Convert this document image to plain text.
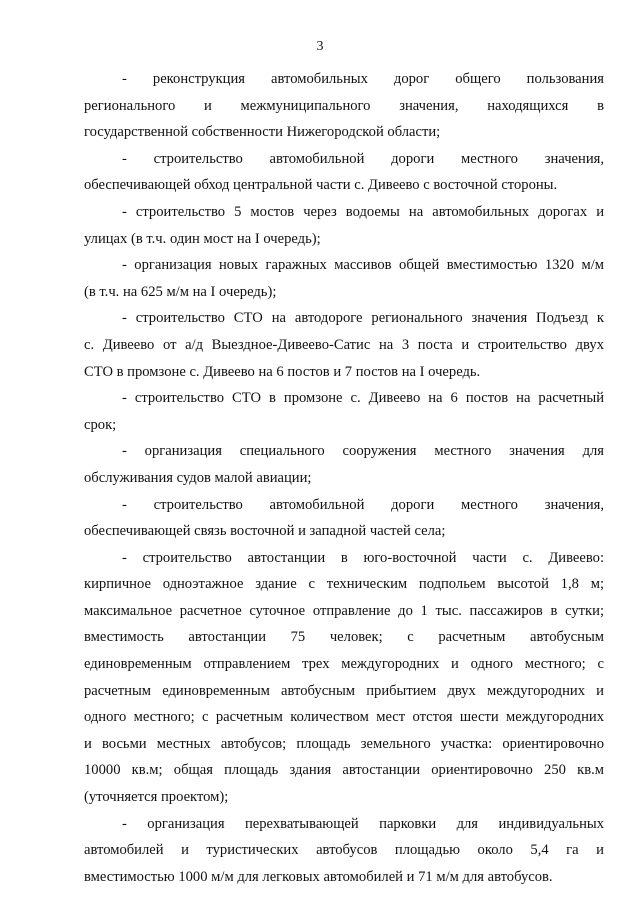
3
- реконструкция автомобильных дорог общего пользования
регионального и межмуниципального значения, находящихся в
государственной собственности Нижегородской области;
- строительство автомобильной дороги местного значения,
обеспечивающей обход центральной части с. Дивеево с восточной стороны.
- строительство 5 мостов через водоемы на автомобильных дорогах и
улицах (в т.ч. один мост на I очередь);
- организация новых гаражных массивов общей вместимостью 1320 м/м
(в т.ч. на 625 м/м на I очередь);
- строительство СТО на автодороге регионального значения Подъезд к
с. Дивеево от а/д Выездное-Дивеево-Сатис на 3 поста и строительство двух
СТО в промзоне с. Дивеево на 6 постов и 7 постов на I очередь.
- строительство СТО в промзоне с. Дивеево на 6 постов на расчетный
срок;
- организация специального сооружения местного значения для
обслуживания судов малой авиации;
- строительство автомобильной дороги местного значения,
обеспечивающей связь восточной и западной частей села;
- строительство автостанции в юго-восточной части с. Дивеево:
кирпичное одноэтажное здание с техническим подпольем высотой 1,8 м;
максимальное расчетное суточное отправление до 1 тыс. пассажиров в сутки;
вместимость автостанции 75 человек; с расчетным автобусным
единовременным отправлением трех междугородних и одного местного; с
расчетным единовременным автобусным прибытием двух междугородних и
одного местного; с расчетным количеством мест отстоя шести междугородних
и восьми местных автобусов; площадь земельного участка: ориентировочно
10000 кв.м; общая площадь здания автостанции ориентировочно 250 кв.м
(уточняется проектом);
- организация перехватывающей парковки для индивидуальных
автомобилей и туристических автобусов площадью около 5,4 га и
вместимостью 1000 м/м для легковых автомобилей и 71 м/м для автобусов.
